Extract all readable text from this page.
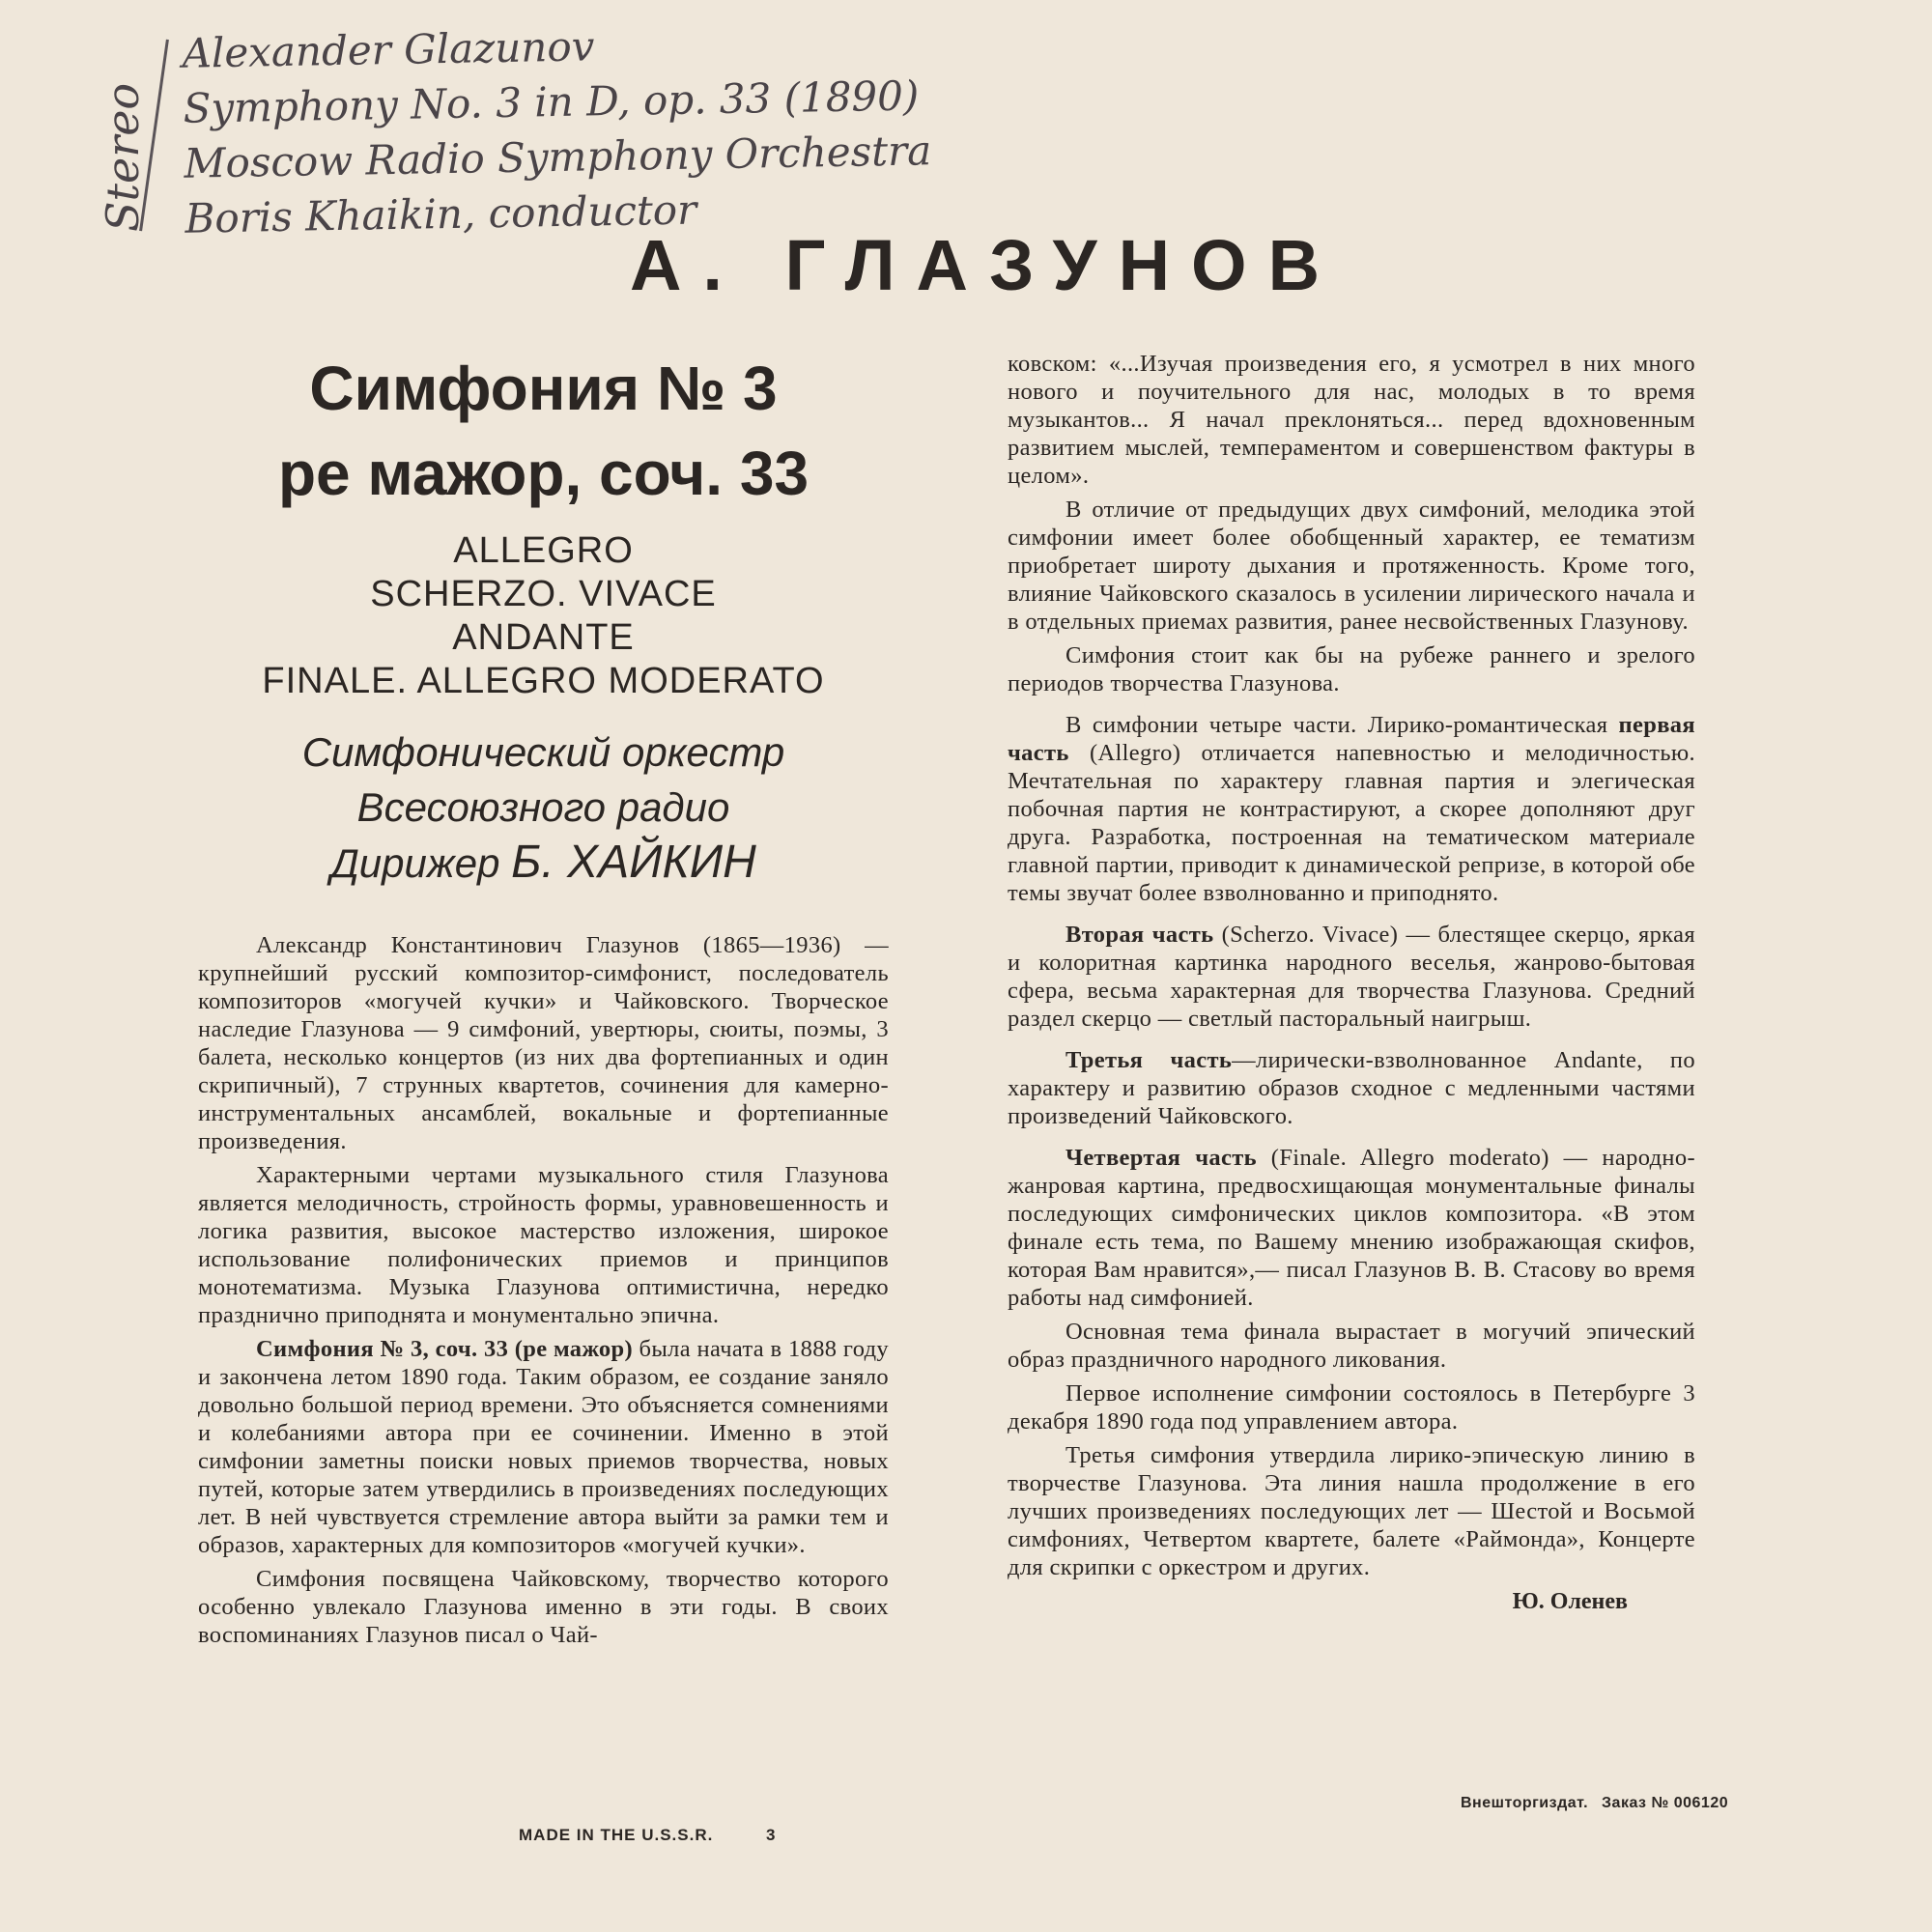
Stereo
Alexander Glazunov
Symphony No. 3 in D, op. 33 (1890)
Moscow Radio Symphony Orchestra
Boris Khaikin, conductor
А. ГЛАЗУНОВ
Симфония № 3
ре мажор, соч. 33
ALLEGRO
SCHERZO. VIVACE
ANDANTE
FINALE. ALLEGRO MODERATO
Симфонический оркестр
Всесоюзного радио
Дирижер Б. ХАЙКИН

Александр Константинович Глазунов (1865—1936) — крупнейший русский композитор-симфонист, последователь композиторов «могучей кучки» и Чайковского. Творческое наследие Глазунова — 9 симфоний, увертюры, сюиты, поэмы, 3 балета, несколько концертов (из них два фортепианных и один скрипичный), 7 струнных квартетов, сочинения для камерно-инструментальных ансамблей, вокальные и фортепианные произведения.

Характерными чертами музыкального стиля Глазунова является мелодичность, стройность формы, уравновешенность и логика развития, высокое мастерство изложения, широкое использование полифонических приемов и принципов монотематизма. Музыка Глазунова оптимистична, нередко празднично приподнята и монументально эпична.

Симфония № 3, соч. 33 (ре мажор) была начата в 1888 году и закончена летом 1890 года. Таким образом, ее создание заняло довольно большой период времени. Это объясняется сомнениями и колебаниями автора при ее сочинении. Именно в этой симфонии заметны поиски новых приемов творчества, новых путей, которые затем утвердились в произведениях последующих лет. В ней чувствуется стремление автора выйти за рамки тем и образов, характерных для композиторов «могучей кучки».

Симфония посвящена Чайковскому, творчество которого особенно увлекало Глазунова именно в эти годы. В своих воспоминаниях Глазунов писал о Чай-

ковском: «...Изучая произведения его, я усмотрел в них много нового и поучительного для нас, молодых в то время музыкантов... Я начал преклоняться... перед вдохновенным развитием мыслей, темпераментом и совершенством фактуры в целом».

В отличие от предыдущих двух симфоний, мелодика этой симфонии имеет более обобщенный характер, ее тематизм приобретает широту дыхания и протяженность. Кроме того, влияние Чайковского сказалось в усилении лирического начала и в отдельных приемах развития, ранее несвойственных Глазунову.

Симфония стоит как бы на рубеже раннего и зрелого периодов творчества Глазунова.

В симфонии четыре части. Лирико-романтическая первая часть (Allegro) отличается напевностью и мелодичностью. Мечтательная по характеру главная партия и элегическая побочная партия не контрастируют, а скорее дополняют друг друга. Разработка, построенная на тематическом материале главной партии, приводит к динамической репризе, в которой обе темы звучат более взволнованно и приподнято.

Вторая часть (Scherzo. Vivace) — блестящее скерцо, яркая и колоритная картинка народного веселья, жанрово-бытовая сфера, весьма характерная для творчества Глазунова. Средний раздел скерцо — светлый пасторальный наигрыш.

Третья часть—лирически-взволнованное Andante, по характеру и развитию образов сходное с медленными частями произведений Чайковского.

Четвертая часть (Finale. Allegro moderato) — народно-жанровая картина, предвосхищающая монументальные финалы последующих симфонических циклов композитора. «В этом финале есть тема, по Вашему мнению изображающая скифов, которая Вам нравится»,— писал Глазунов В. В. Стасову во время работы над симфонией.

Основная тема финала вырастает в могучий эпический образ праздничного народного ликования.

Первое исполнение симфонии состоялось в Петербурге 3 декабря 1890 года под управлением автора.

Третья симфония утвердила лирико-эпическую линию в творчестве Глазунова. Эта линия нашла продолжение в его лучших произведениях последующих лет — Шестой и Восьмой симфониях, Четвертом квартете, балете «Раймонда», Концерте для скрипки с оркестром и других.

Ю. Оленев
MADE IN THE U.S.S.R.	3
Внешторгиздат. Заказ № 006120
